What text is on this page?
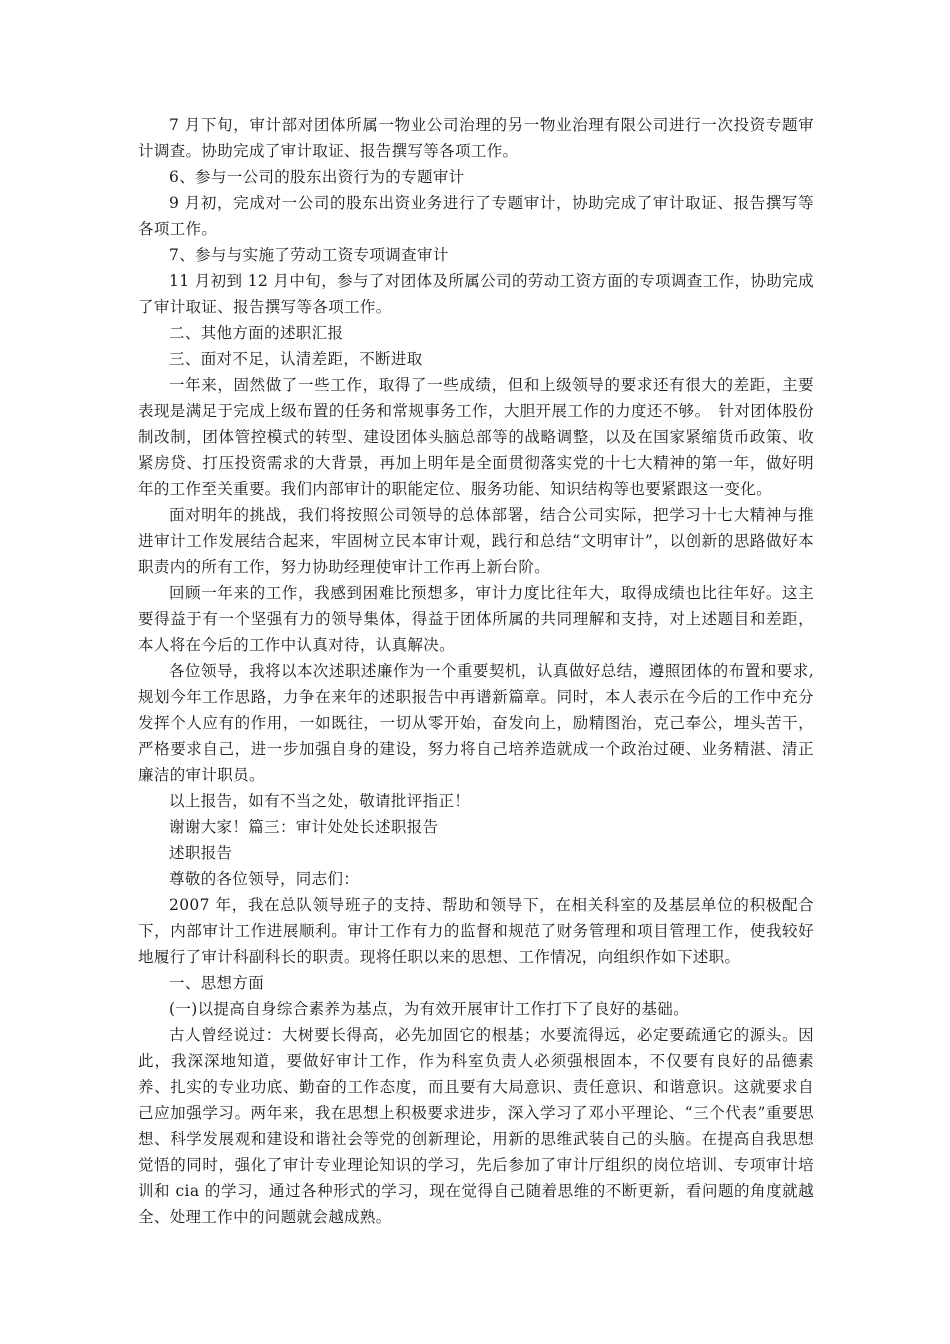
7 月下旬，审计部对团体所属一物业公司治理的另一物业治理有限公司进行一次投资专题审计调查。协助完成了审计取证、报告撰写等各项工作。

6、参与一公司的股东出资行为的专题审计

9 月初，完成对一公司的股东出资业务进行了专题审计，协助完成了审计取证、报告撰写等各项工作。

7、参与与实施了劳动工资专项调查审计

11 月初到 12 月中旬，参与了对团体及所属公司的劳动工资方面的专项调查工作，协助完成了审计取证、报告撰写等各项工作。

二、其他方面的述职汇报

三、面对不足，认清差距，不断进取

一年来，固然做了一些工作，取得了一些成绩，但和上级领导的要求还有很大的差距，主要表现是满足于完成上级布置的任务和常规事务工作，大胆开展工作的力度还不够。　针对团体股份制改制，团体管控模式的转型、建设团体头脑总部等的战略调整，以及在国家紧缩货币政策、收紧房贷、打压投资需求的大背景，再加上明年是全面贯彻落实党的十七大精神的第一年，做好明年的工作至关重要。我们内部审计的职能定位、服务功能、知识结构等也要紧跟这一变化。

面对明年的挑战，我们将按照公司领导的总体部署，结合公司实际，把学习十七大精神与推进审计工作发展结合起来，牢固树立民本审计观，践行和总结“文明审计”，以创新的思路做好本职责内的所有工作，努力协助经理使审计工作再上新台阶。

回顾一年来的工作，我感到困难比预想多，审计力度比往年大，取得成绩也比往年好。这主要得益于有一个坚强有力的领导集体，得益于团体所属的共同理解和支持，对上述题目和差距，本人将在今后的工作中认真对待，认真解决。

各位领导，我将以本次述职述廉作为一个重要契机，认真做好总结，遵照团体的布置和要求,规划今年工作思路，力争在来年的述职报告中再谱新篇章。同时，本人表示在今后的工作中充分发挥个人应有的作用，一如既往，一切从零开始，奋发向上，励精图治，克己奉公，埋头苦干，严格要求自己，进一步加强自身的建设，努力将自己培养造就成一个政治过硬、业务精湛、清正廉洁的审计职员。

以上报告，如有不当之处，敬请批评指正！

谢谢大家！篇三：审计处处长述职报告

述职报告

尊敬的各位领导，同志们：

2007 年，我在总队领导班子的支持、帮助和领导下，在相关科室的及基层单位的积极配合下，内部审计工作进展顺利。审计工作有力的监督和规范了财务管理和项目管理工作，使我较好地履行了审计科副科长的职责。现将任职以来的思想、工作情况，向组织作如下述职。

一、思想方面

(一)以提高自身综合素养为基点，为有效开展审计工作打下了良好的基础。

古人曾经说过：大树要长得高，必先加固它的根基；水要流得远，必定要疏通它的源头。因此，我深深地知道，要做好审计工作，作为科室负责人必须强根固本，不仅要有良好的品德素养、扎实的专业功底、勤奋的工作态度，而且要有大局意识、责任意识、和谐意识。这就要求自己应加强学习。两年来，我在思想上积极要求进步，深入学习了邓小平理论、“三个代表”重要思想、科学发展观和建设和谐社会等党的创新理论，用新的思维武装自己的头脑。在提高自我思想觉悟的同时，强化了审计专业理论知识的学习，先后参加了审计厅组织的岗位培训、专项审计培训和 cia 的学习，通过各种形式的学习，现在觉得自己随着思维的不断更新，看问题的角度就越全、处理工作中的问题就会越成熟。
